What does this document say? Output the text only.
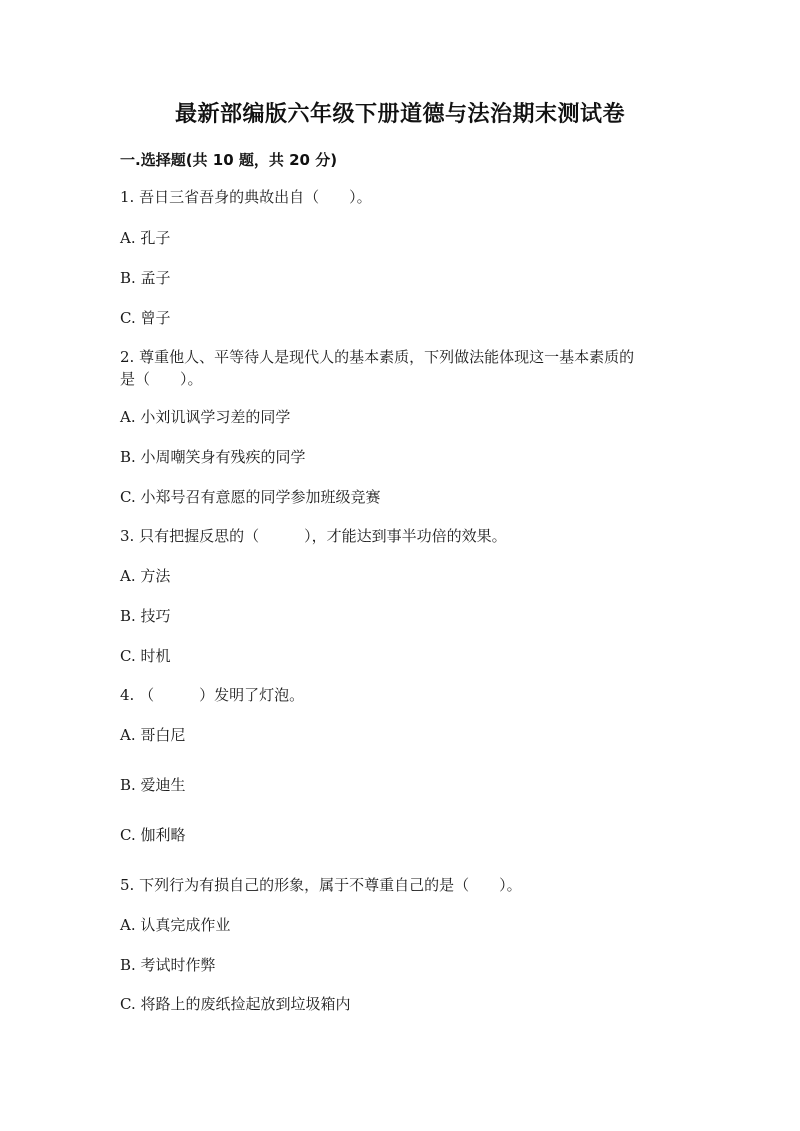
最新部编版六年级下册道德与法治期末测试卷
一.选择题(共 10 题，共 20 分)
1. 吾日三省吾身的典故出自（　　）。
A. 孔子
B. 孟子
C. 曾子
2. 尊重他人、平等待人是现代人的基本素质，下列做法能体现这一基本素质的
是（　　）。
A. 小刘讥讽学习差的同学
B. 小周嘲笑身有残疾的同学
C. 小郑号召有意愿的同学参加班级竞赛
3. 只有把握反思的（　　　），才能达到事半功倍的效果。
A. 方法
B. 技巧
C. 时机
4. （　　　）发明了灯泡。
A. 哥白尼
B. 爱迪生
C. 伽利略
5. 下列行为有损自己的形象，属于不尊重自己的是（　　）。
A. 认真完成作业
B. 考试时作弊
C. 将路上的废纸捡起放到垃圾箱内
